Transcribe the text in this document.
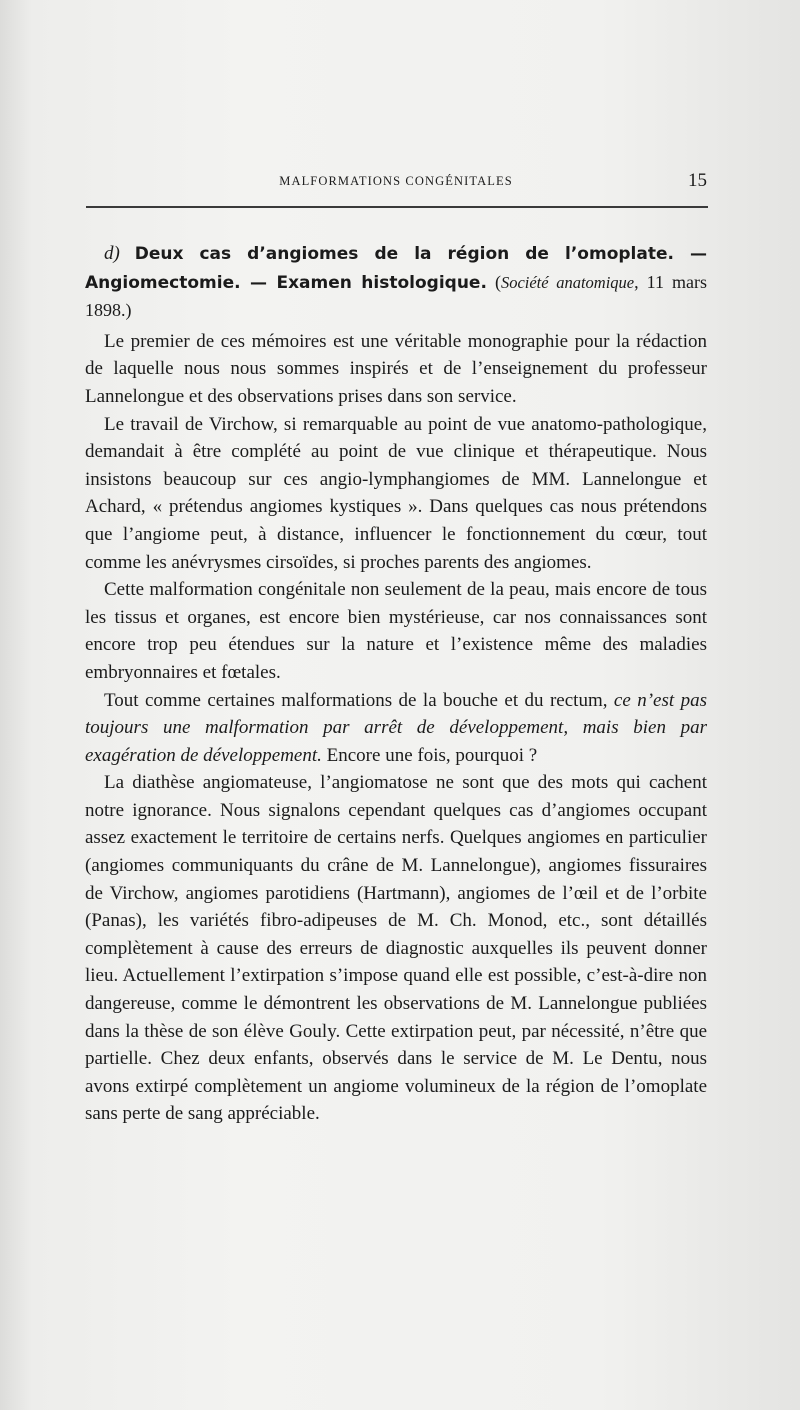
MALFORMATIONS CONGÉNITALES	15

d) Deux cas d’angiomes de la région de l’omoplate. — Angiomectomie. — Examen histologique. (Société anatomique, 11 mars 1898.)

Le premier de ces mémoires est une véritable monographie pour la rédaction de laquelle nous nous sommes inspirés et de l’enseignement du professeur Lannelongue et des observations prises dans son service.

Le travail de Virchow, si remarquable au point de vue anatomo-pathologique, demandait à être complété au point de vue clinique et thérapeutique. Nous insistons beaucoup sur ces angio-lymphangiomes de MM. Lannelongue et Achard, « prétendus angiomes kystiques ». Dans quelques cas nous prétendons que l’angiome peut, à distance, influencer le fonctionnement du cœur, tout comme les anévrysmes cirsoïdes, si proches parents des angiomes.

Cette malformation congénitale non seulement de la peau, mais encore de tous les tissus et organes, est encore bien mystérieuse, car nos connaissances sont encore trop peu étendues sur la nature et l’existence même des maladies embryonnaires et fœtales.

Tout comme certaines malformations de la bouche et du rectum, ce n’est pas toujours une malformation par arrêt de développement, mais bien par exagération de développement. Encore une fois, pourquoi ?

La diathèse angiomateuse, l’angiomatose ne sont que des mots qui cachent notre ignorance. Nous signalons cependant quelques cas d’angiomes occupant assez exactement le territoire de certains nerfs. Quelques angiomes en particulier (angiomes communiquants du crâne de M. Lannelongue), angiomes fissuraires de Virchow, angiomes parotidiens (Hartmann), angiomes de l’œil et de l’orbite (Panas), les variétés fibro-adipeuses de M. Ch. Monod, etc., sont détaillés complètement à cause des erreurs de diagnostic auxquelles ils peuvent donner lieu. Actuellement l’extirpation s’impose quand elle est possible, c’est-à-dire non dangereuse, comme le démontrent les observations de M. Lannelongue publiées dans la thèse de son élève Gouly. Cette extirpation peut, par nécessité, n’être que partielle. Chez deux enfants, observés dans le service de M. Le Dentu, nous avons extirpé complètement un angiome volumineux de la région de l’omoplate sans perte de sang appréciable.
